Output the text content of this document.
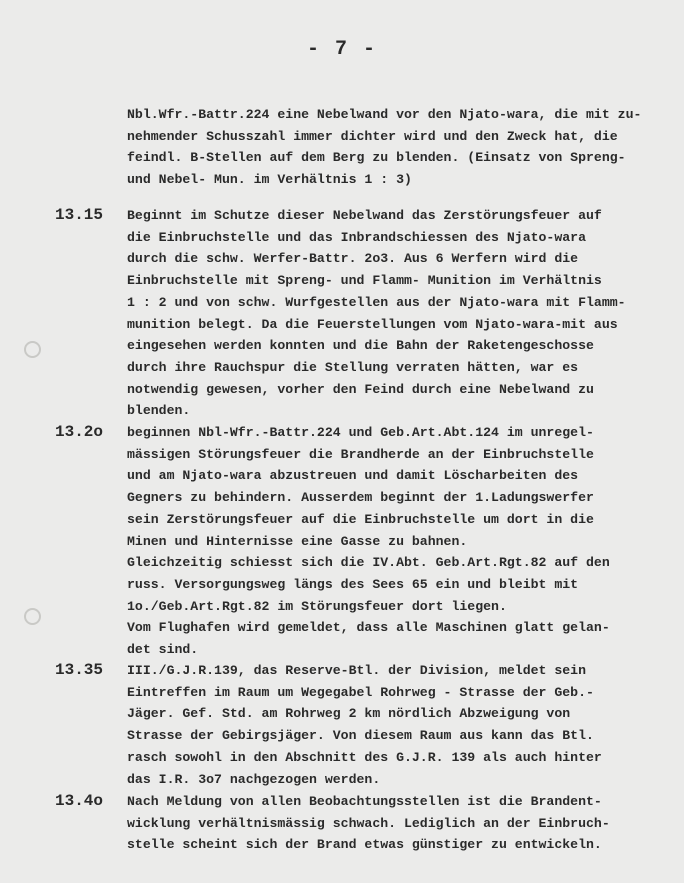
- 7 -
Nbl.Wfr.-Battr.224 eine Nebelwand vor den Njato-wara, die mit zu-
nehmender Schusszahl immer dichter wird und den Zweck hat, die
feindl. B-Stellen auf dem Berg zu blenden. (Einsatz von Spreng-
und Nebel- Mun. im Verhältnis 1 : 3)
13.15 Beginnt im Schutze dieser Nebelwand das Zerstörungsfeuer auf
die Einbruchstelle und das Inbrandschiessen des Njato-wara
durch die schw. Werfer-Battr. 2o3. Aus 6 Werfern wird die
Einbruchstelle mit Spreng- und Flamm- Munition im Verhältnis
1 : 2 und von schw. Wurfgestellen aus der Njato-wara mit Flamm-
munition belegt. Da die Feuerstellungen vom Njato-wara-mit aus
eingesehen werden konnten und die Bahn der Raketengeschosse
durch ihre Rauchspur die Stellung verraten hätten, war es
notwendig gewesen, vorher den Feind durch eine Nebelwand zu
blenden.
13.2o beginnen Nbl-Wfr.-Battr.224 und Geb.Art.Abt.124 im unregel-
mässigen Störungsfeuer die Brandherde an der Einbruchstelle
und am Njato-wara abzustreuen und damit Löscharbeiten des
Gegners zu behindern. Ausserdem beginnt der 1.Ladungswerfer
sein Zerstörungsfeuer auf die Einbruchstelle um dort in die
Minen und Hinternisse eine Gasse zu bahnen.
Gleichzeitig schiesst sich die IV.Abt. Geb.Art.Rgt.82 auf den
russ. Versorgungsweg längs des Sees 65 ein und bleibt mit
1o./Geb.Art.Rgt.82 im Störungsfeuer dort liegen.
Vom Flughafen wird gemeldet, dass alle Maschinen glatt gelan-
det sind.
13.35 III./G.J.R.139, das Reserve-Btl. der Division, meldet sein
Eintreffen im Raum um Wegegabel Rohrweg - Strasse der Geb.-
Jäger. Gef. Std. am Rohrweg 2 km nördlich Abzweigung von
Strasse der Gebirgsjäger. Von diesem Raum aus kann das Btl.
rasch sowohl in den Abschnitt des G.J.R. 139 als auch hinter
das I.R. 3o7 nachgezogen werden.
13.4o Nach Meldung von allen Beobachtungsstellen ist die Brandent-
wicklung verhältnismässig schwach. Lediglich an der Einbruch-
stelle scheint sich der Brand etwas günstiger zu entwickeln.
